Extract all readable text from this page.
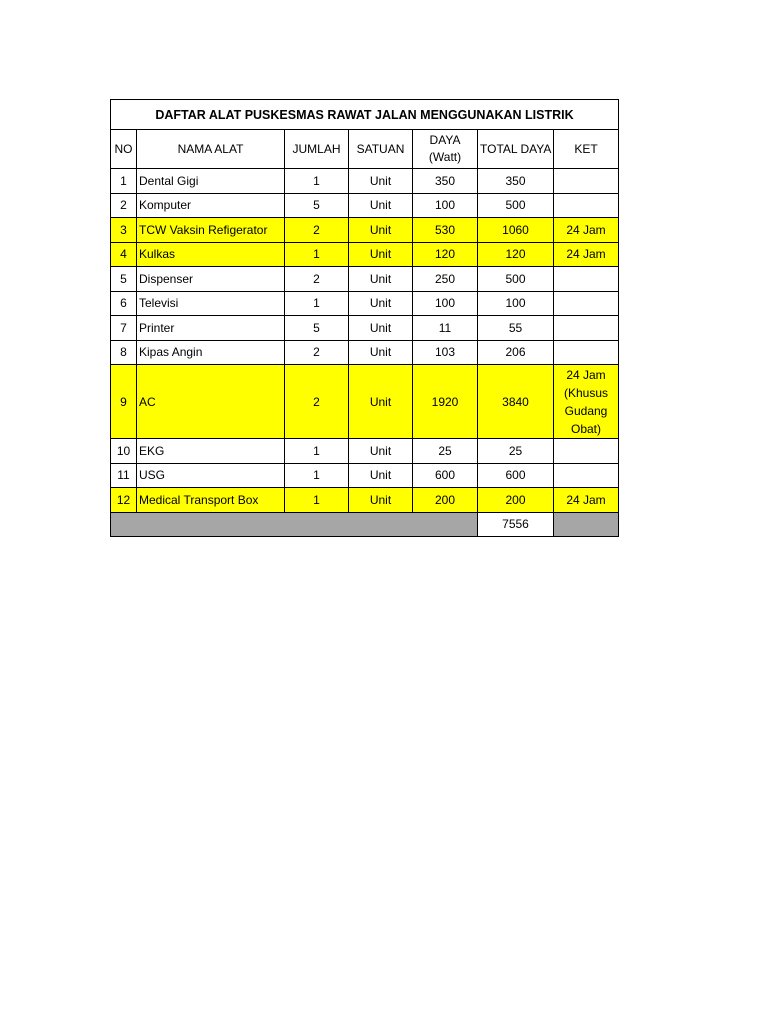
DAFTAR ALAT PUSKESMAS RAWAT JALAN MENGGUNAKAN LISTRIK						
NO	NAMA ALAT	JUMLAH	SATUAN	DAYA (Watt)	TOTAL DAYA	KET
1	Dental Gigi	1	Unit	350	350	
2	Komputer	5	Unit	100	500	
3	TCW Vaksin Refigerator	2	Unit	530	1060	24 Jam
4	Kulkas	1	Unit	120	120	24 Jam
5	Dispenser	2	Unit	250	500	
6	Televisi	1	Unit	100	100	
7	Printer	5	Unit	11	55	
8	Kipas Angin	2	Unit	103	206	
9	AC	2	Unit	1920	3840	24 Jam (Khusus Gudang Obat)
10	EKG	1	Unit	25	25	
11	USG	1	Unit	600	600	
12	Medical Transport Box	1	Unit	200	200	24 Jam
					7556	
